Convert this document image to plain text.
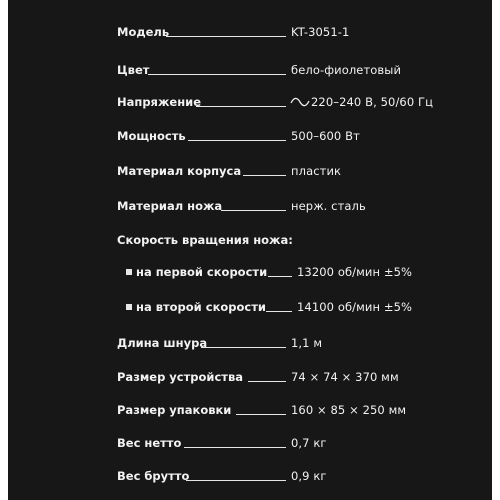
Модель	KT-3051-1
Цвет	бело-фиолетовый
Напряжение	220–240 В, 50/60 Гц
Мощность	500–600 Вт
Материал корпуса	пластик
Материал ножа	нерж. сталь
Скорость вращения ножа:
на первой скорости	13200 об/мин ±5%
на второй скорости	14100 об/мин ±5%
Длина шнура	1,1 м
Размер устройства	74 × 74 × 370 мм
Размер упаковки	160 × 85 × 250 мм
Вес нетто	0,7 кг
Вес брутто	0,9 кг
